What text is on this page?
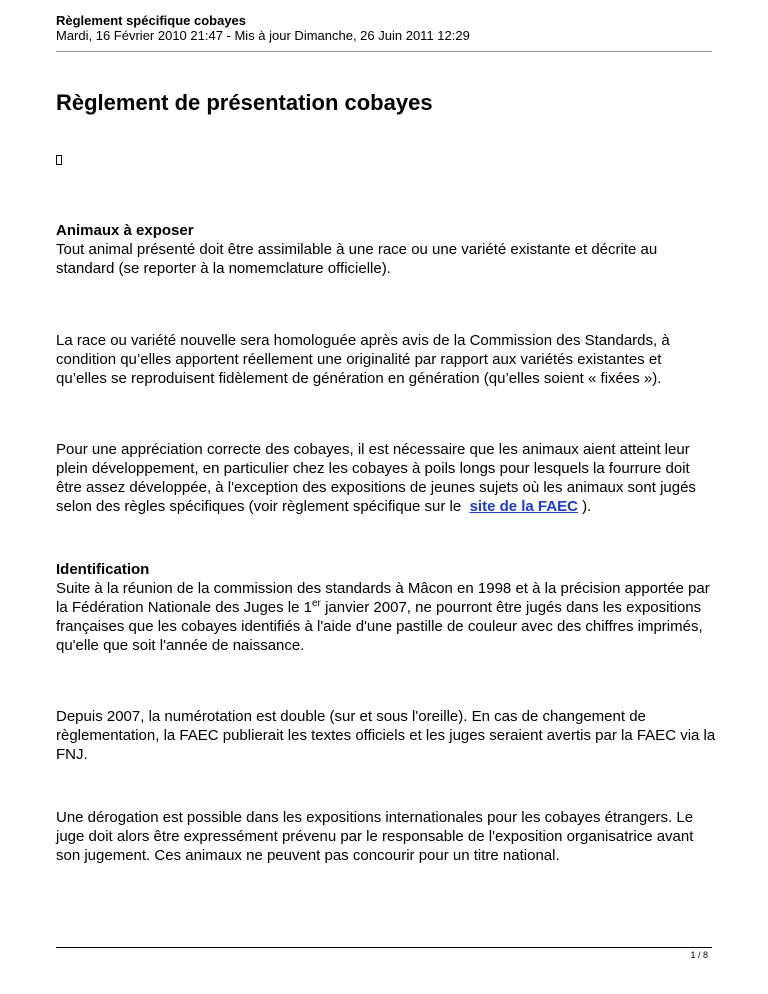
Règlement spécifique cobayes
Mardi, 16 Février 2010 21:47 - Mis à jour Dimanche, 26 Juin 2011 12:29
Règlement de présentation cobayes

Animaux à exposer

Tout animal présenté doit être assimilable à une race ou une variété existante et décrite au standard (se reporter à la nomemclature officielle).

La race ou variété nouvelle sera homologuée après avis de la Commission des Standards, à condition qu’elles apportent réellement une originalité par rapport aux variétés existantes et qu’elles se reproduisent fidèlement de génération en génération (qu’elles soient « fixées »).

Pour une appréciation correcte des cobayes, il est nécessaire que les animaux aient atteint leur plein développement, en particulier chez les cobayes à poils longs pour lesquels la fourrure doit être assez développée, à l'exception des expositions de jeunes sujets où les animaux sont jugés selon des règles spécifiques (voir règlement spécifique sur le site de la FAEC ).

Identification

Suite à la réunion de la commission des standards à Mâcon en 1998 et à la précision apportée par la Fédération Nationale des Juges le 1er janvier 2007, ne pourront être jugés dans les expositions françaises que les cobayes identifiés à l'aide d'une pastille de couleur avec des chiffres imprimés, qu'elle que soit l'année de naissance.

Depuis 2007, la numérotation est double (sur et sous l'oreille). En cas de changement de règlementation, la FAEC publierait les textes officiels et les juges seraient avertis par la FAEC via la FNJ.

Une dérogation est possible dans les expositions internationales pour les cobayes étrangers. Le juge doit alors être expressément prévenu par le responsable de l'exposition organisatrice avant son jugement. Ces animaux ne peuvent pas concourir pour un titre national.

1 / 8
